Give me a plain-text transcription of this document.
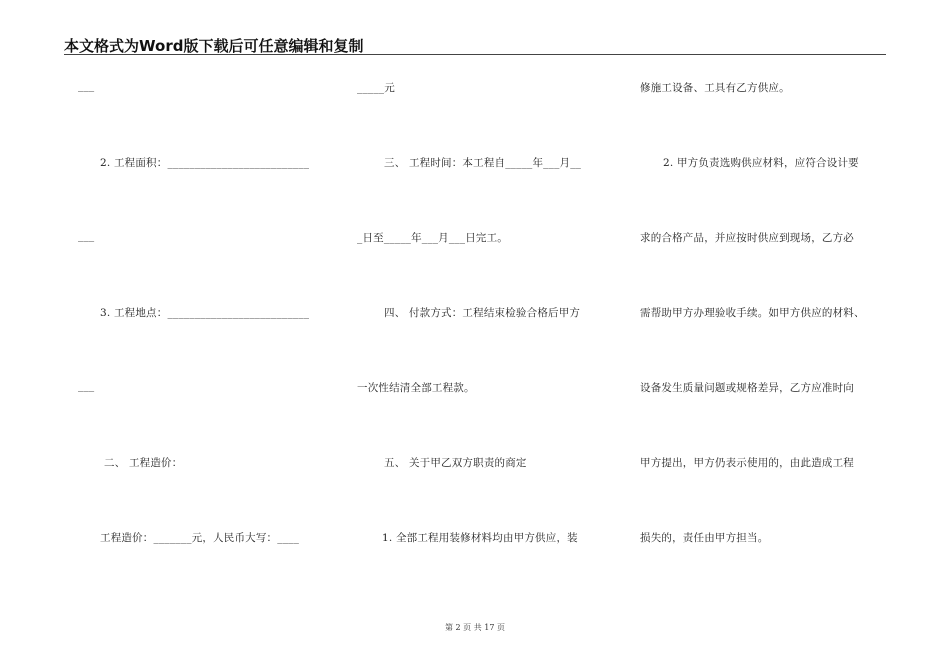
本文格式为Word版下载后可任意编辑和复制
___
2. 工程面积：__________________________
___
3. 工程地点：__________________________
___
二、 工程造价：
工程造价：_______元，人民币大写：____
_____元
三、 工程时间：本工程自_____年___月__
_日至_____年___月___日完工。
四、 付款方式：工程结束检验合格后甲方
一次性结清全部工程款。
五、 关于甲乙双方职责的商定
1. 全部工程用装修材料均由甲方供应，装
修施工设备、工具有乙方供应。
2. 甲方负责选购供应材料，应符合设计要
求的合格产品，并应按时供应到现场，乙方必
需帮助甲方办理验收手续。如甲方供应的材料、
设备发生质量问题或规格差异，乙方应准时向
甲方提出，甲方仍表示使用的，由此造成工程
损失的，责任由甲方担当。
第 2 页 共 17 页
